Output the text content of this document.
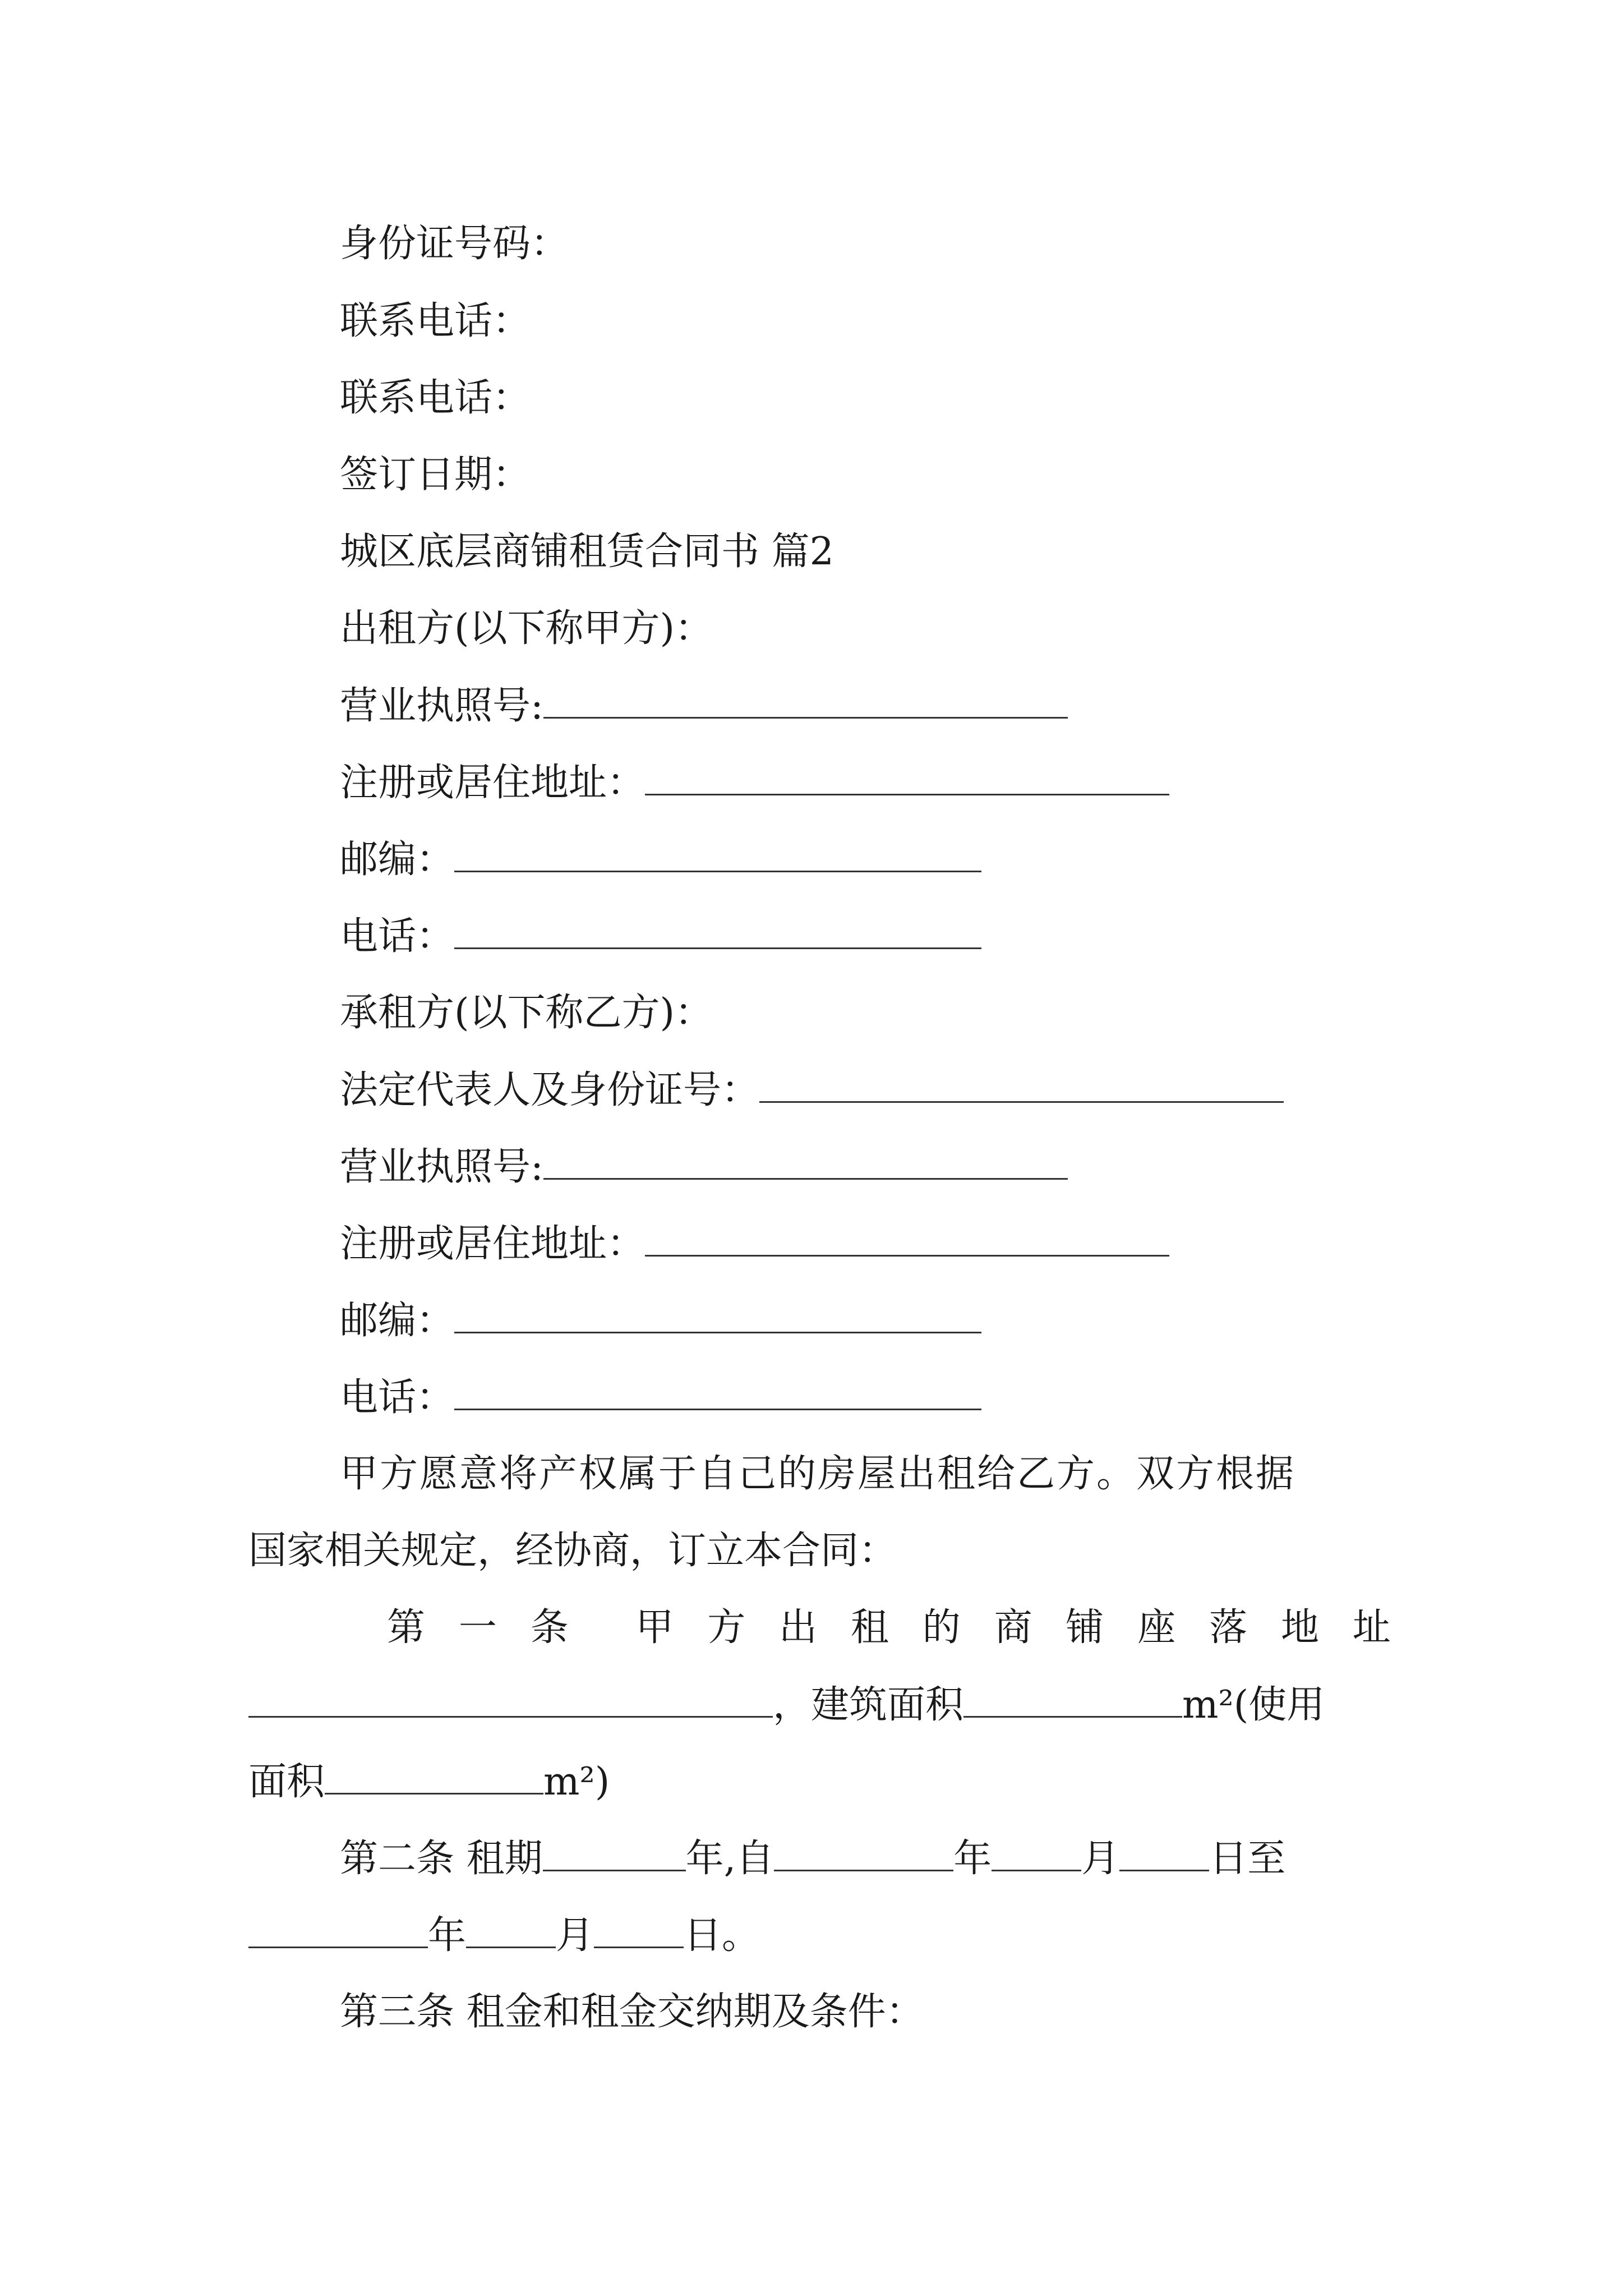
身份证号码：
联系电话：
联系电话：
签订日期：
城区底层商铺租赁合同书 篇2
出租方(以下称甲方)：
营业执照号:
注册或居住地址：
邮编：
电话：
承租方(以下称乙方)：
法定代表人及身份证号：
营业执照号:
注册或居住地址：
邮编：
电话：
甲方愿意将产权属于自己的房屋出租给乙方。双方根据
国家相关规定，经协商，订立本合同：
第 一 条 甲 方 出 租 的 商 铺 座 落 地 址
，建筑面积	m²(使用
面积	m²)
第二条 租期	年,自	年 月 日至
年 月 日。
第三条 租金和租金交纳期及条件：
